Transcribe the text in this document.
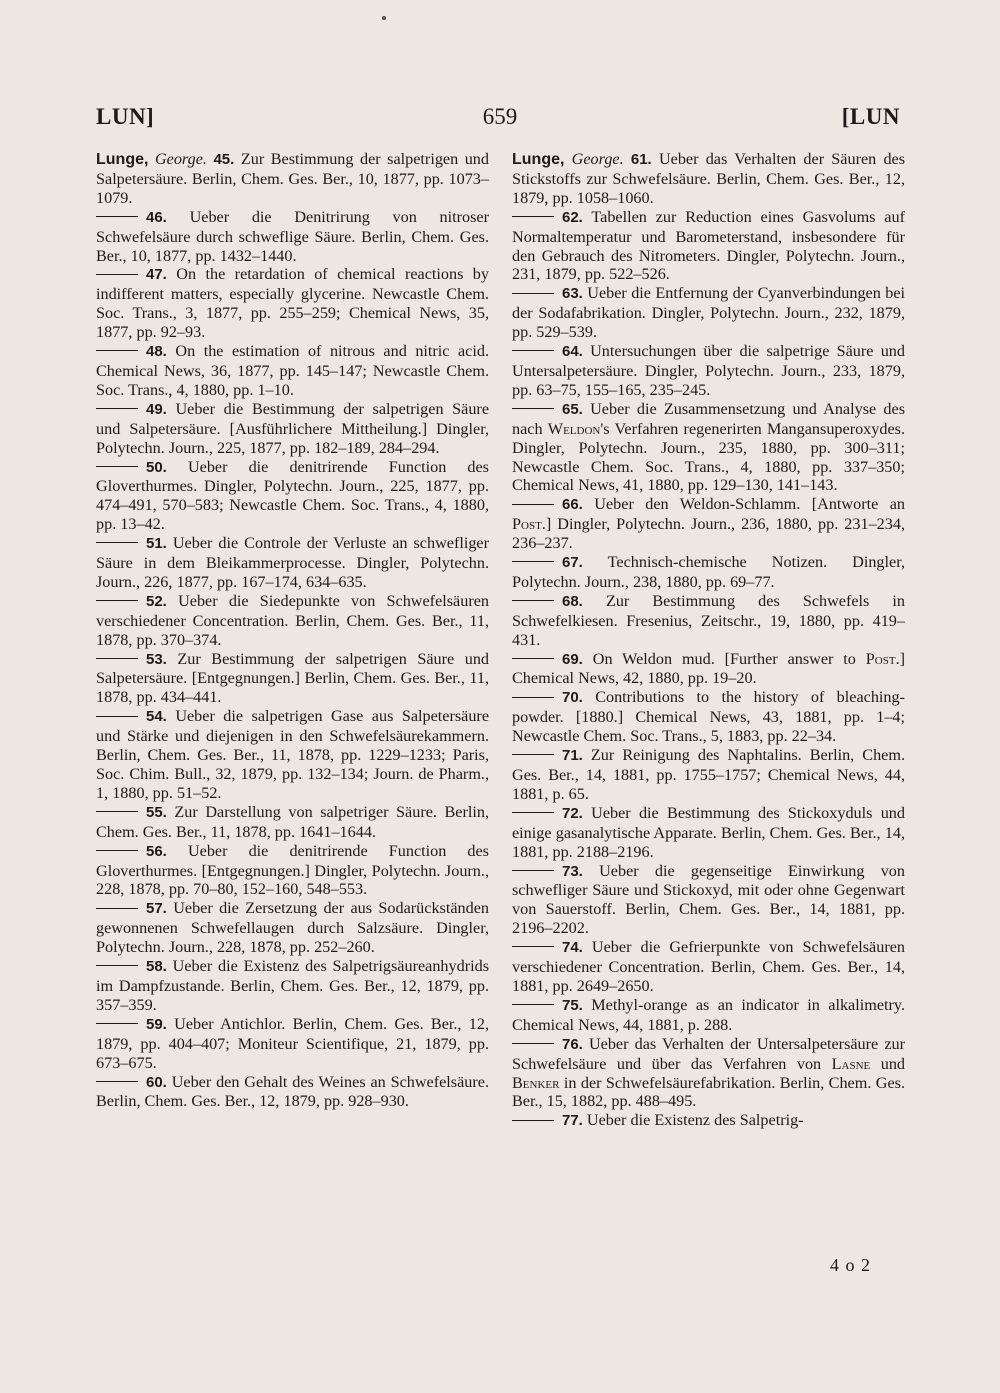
LUN]	659	[LUN

Lunge, George. 45. Zur Bestimmung der salpetrigen und Salpetersäure. Berlin, Chem. Ges. Ber., 10, 1877, pp. 1073–1079.

46. Ueber die Denitrirung von nitroser Schwefelsäure durch schweflige Säure. Berlin, Chem. Ges. Ber., 10, 1877, pp. 1432–1440.

47. On the retardation of chemical reactions by indifferent matters, especially glycerine. Newcastle Chem. Soc. Trans., 3, 1877, pp. 255–259; Chemical News, 35, 1877, pp. 92–93.

48. On the estimation of nitrous and nitric acid. Chemical News, 36, 1877, pp. 145–147; Newcastle Chem. Soc. Trans., 4, 1880, pp. 1–10.

49. Ueber die Bestimmung der salpetrigen Säure und Salpetersäure. [Ausführlichere Mittheilung.] Dingler, Polytechn. Journ., 225, 1877, pp. 182–189, 284–294.

50. Ueber die denitrirende Function des Gloverthurmes. Dingler, Polytechn. Journ., 225, 1877, pp. 474–491, 570–583; Newcastle Chem. Soc. Trans., 4, 1880, pp. 13–42.

51. Ueber die Controle der Verluste an schwefliger Säure in dem Bleikammerprocesse. Dingler, Polytechn. Journ., 226, 1877, pp. 167–174, 634–635.

52. Ueber die Siedepunkte von Schwefelsäuren verschiedener Concentration. Berlin, Chem. Ges. Ber., 11, 1878, pp. 370–374.

53. Zur Bestimmung der salpetrigen Säure und Salpetersäure. [Entgegnungen.] Berlin, Chem. Ges. Ber., 11, 1878, pp. 434–441.

54. Ueber die salpetrigen Gase aus Salpetersäure und Stärke und diejenigen in den Schwefelsäurekammern. Berlin, Chem. Ges. Ber., 11, 1878, pp. 1229–1233; Paris, Soc. Chim. Bull., 32, 1879, pp. 132–134; Journ. de Pharm., 1, 1880, pp. 51–52.

55. Zur Darstellung von salpetriger Säure. Berlin, Chem. Ges. Ber., 11, 1878, pp. 1641–1644.

56. Ueber die denitrirende Function des Gloverthurmes. [Entgegnungen.] Dingler, Polytechn. Journ., 228, 1878, pp. 70–80, 152–160, 548–553.

57. Ueber die Zersetzung der aus Sodarückständen gewonnenen Schwefellaugen durch Salzsäure. Dingler, Polytechn. Journ., 228, 1878, pp. 252–260.

58. Ueber die Existenz des Salpetrigsäureanhydrids im Dampfzustande. Berlin, Chem. Ges. Ber., 12, 1879, pp. 357–359.

59. Ueber Antichlor. Berlin, Chem. Ges. Ber., 12, 1879, pp. 404–407; Moniteur Scientifique, 21, 1879, pp. 673–675.

60. Ueber den Gehalt des Weines an Schwefelsäure. Berlin, Chem. Ges. Ber., 12, 1879, pp. 928–930.

Lunge, George. 61. Ueber das Verhalten der Säuren des Stickstoffs zur Schwefelsäure. Berlin, Chem. Ges. Ber., 12, 1879, pp. 1058–1060.

62. Tabellen zur Reduction eines Gasvolums auf Normaltemperatur und Barometerstand, insbesondere für den Gebrauch des Nitrometers. Dingler, Polytechn. Journ., 231, 1879, pp. 522–526.

63. Ueber die Entfernung der Cyanverbindungen bei der Sodafabrikation. Dingler, Polytechn. Journ., 232, 1879, pp. 529–539.

64. Untersuchungen über die salpetrige Säure und Untersalpetersäure. Dingler, Polytechn. Journ., 233, 1879, pp. 63–75, 155–165, 235–245.

65. Ueber die Zusammensetzung und Analyse des nach Weldon's Verfahren regenerirten Mangansuperoxydes. Dingler, Polytechn. Journ., 235, 1880, pp. 300–311; Newcastle Chem. Soc. Trans., 4, 1880, pp. 337–350; Chemical News, 41, 1880, pp. 129–130, 141–143.

66. Ueber den Weldon-Schlamm. [Antworte an Post.] Dingler, Polytechn. Journ., 236, 1880, pp. 231–234, 236–237.

67. Technisch-chemische Notizen. Dingler, Polytechn. Journ., 238, 1880, pp. 69–77.

68. Zur Bestimmung des Schwefels in Schwefelkiesen. Fresenius, Zeitschr., 19, 1880, pp. 419–431.

69. On Weldon mud. [Further answer to Post.] Chemical News, 42, 1880, pp. 19–20.

70. Contributions to the history of bleaching-powder. [1880.] Chemical News, 43, 1881, pp. 1–4; Newcastle Chem. Soc. Trans., 5, 1883, pp. 22–34.

71. Zur Reinigung des Naphtalins. Berlin, Chem. Ges. Ber., 14, 1881, pp. 1755–1757; Chemical News, 44, 1881, p. 65.

72. Ueber die Bestimmung des Stickoxyduls und einige gasanalytische Apparate. Berlin, Chem. Ges. Ber., 14, 1881, pp. 2188–2196.

73. Ueber die gegenseitige Einwirkung von schwefliger Säure und Stickoxyd, mit oder ohne Gegenwart von Sauerstoff. Berlin, Chem. Ges. Ber., 14, 1881, pp. 2196–2202.

74. Ueber die Gefrierpunkte von Schwefelsäuren verschiedener Concentration. Berlin, Chem. Ges. Ber., 14, 1881, pp. 2649–2650.

75. Methyl-orange as an indicator in alkalimetry. Chemical News, 44, 1881, p. 288.

76. Ueber das Verhalten der Untersalpetersäure zur Schwefelsäure und über das Verfahren von Lasne und Benker in der Schwefelsäurefabrikation. Berlin, Chem. Ges. Ber., 15, 1882, pp. 488–495.

77. Ueber die Existenz des Salpetrig-

4 o 2
